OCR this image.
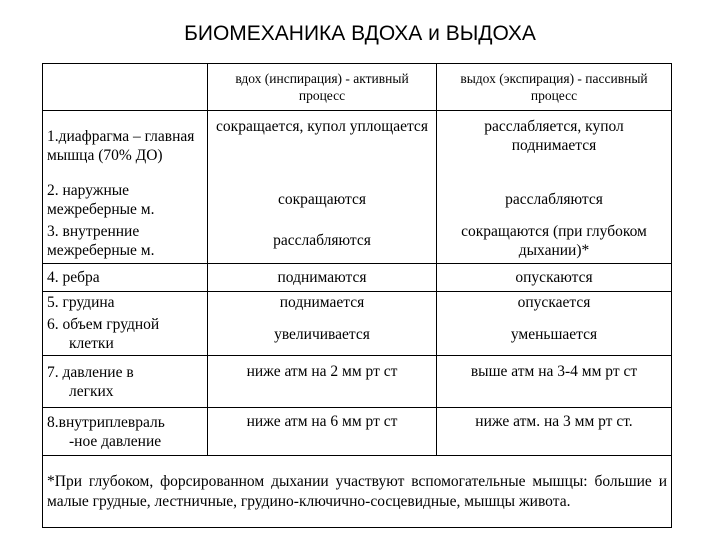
БИОМЕХАНИКА ВДОХА и ВЫДОХА
	вдох (инспирация) - активный процесс	выдох (экспирация) - пассивный процесс
1.диафрагма – главная мышца (70% ДО)	сокращается, купол уплощается	расслабляется, купол поднимается
2. наружные межреберные м.	сокращаются	расслабляются
3. внутренние межреберные м.	расслабляются	сокращаются (при глубоком дыхании)*
4. ребра	поднимаются	опускаются
5. грудина	поднимается	опускается
6. объем грудной
клетки	увеличивается	уменьшается
7. давление в
легких	ниже атм на 2 мм рт ст	выше атм на 3-4 мм рт ст
8.внутриплевраль
-ное давление	ниже атм на 6 мм рт ст	ниже атм. на 3 мм рт ст.
*При глубоком, форсированном дыхании участвуют вспомогательные мышцы: большие и малые грудные, лестничные, грудино-ключично-сосцевидные, мышцы живота.		
